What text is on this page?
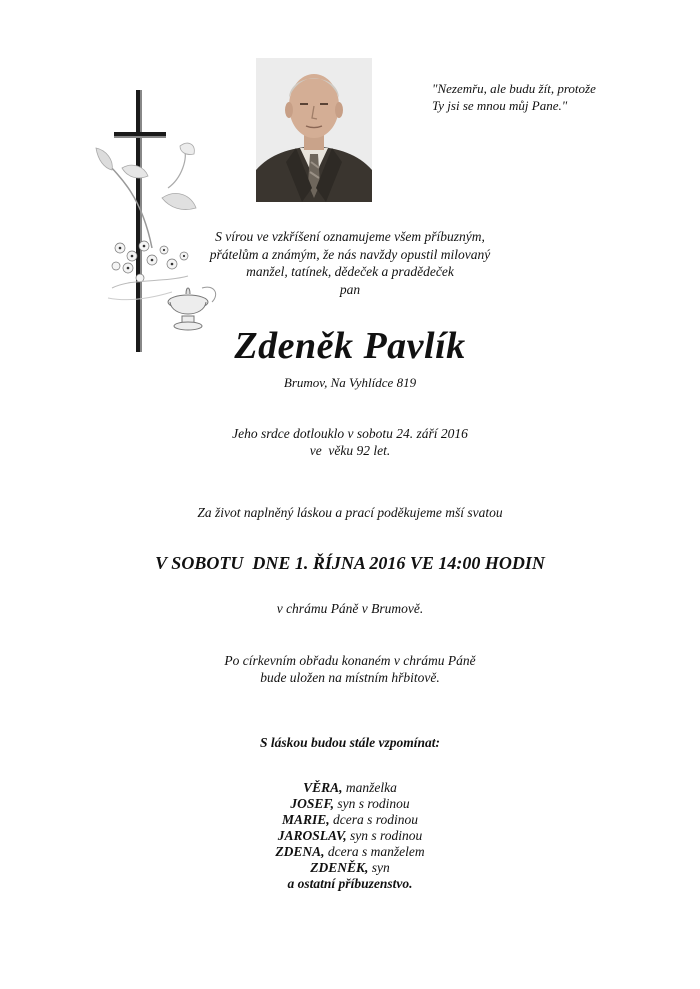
"Nezemřu, ale budu žít, protože
Ty jsi se mnou můj Pane."
S vírou ve vzkříšení oznamujeme všem příbuzným,
přátelům a známým, že nás navždy opustil milovaný
manžel, tatínek, dědeček a pradědeček
pan
Zdeněk Pavlík
Brumov, Na Vyhlídce 819
Jeho srdce dotlouklo v sobotu 24. září 2016
ve  věku 92 let.
Za život naplněný láskou a prací poděkujeme mší svatou
V SOBOTU  DNE 1. ŘÍJNA 2016 VE 14:00 HODIN
v chrámu Páně v Brumově.
Po církevním obřadu konaném v chrámu Páně
bude uložen na místním hřbitově.
S láskou budou stále vzpomínat:
VĚRA, manželka
JOSEF, syn s rodinou
MARIE, dcera s rodinou
JAROSLAV, syn s rodinou
ZDENA, dcera s manželem
ZDENĚK, syn
a ostatní příbuzenstvo.
